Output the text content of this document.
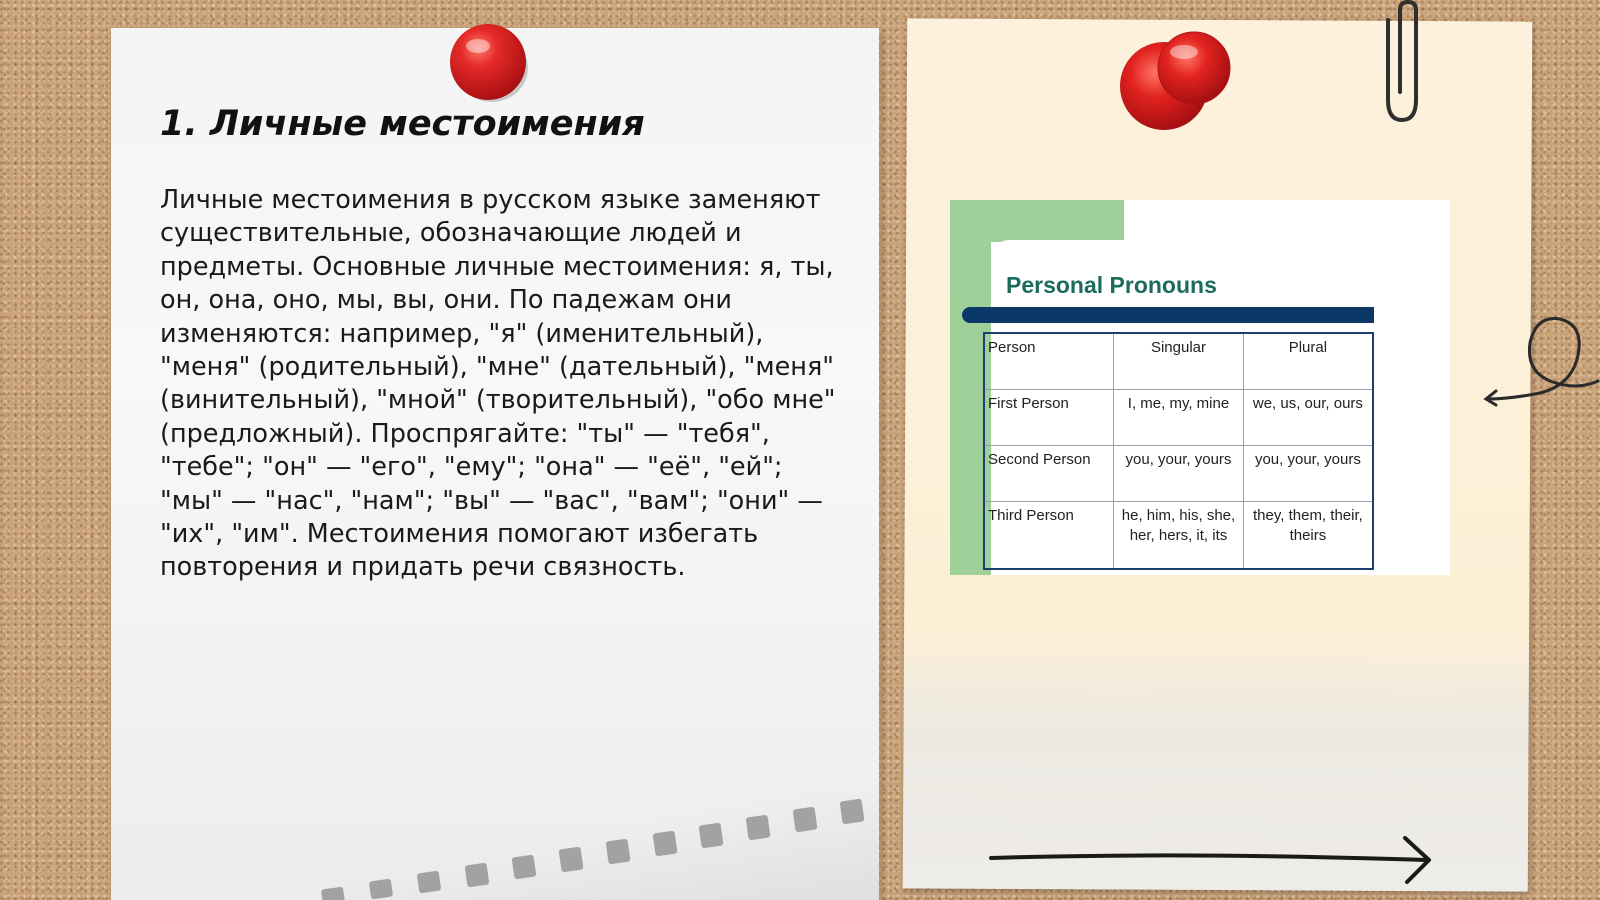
1. Личные местоимения

Личные местоимения в русском языке заменяют существительные, обозначающие людей и предметы. Основные личные местоимения: я, ты, он, она, оно, мы, вы, они. По падежам они изменяются: например, "я" (именительный), "меня" (родительный), "мне" (дательный), "меня" (винительный), "мной" (творительный), "обо мне" (предложный). Проспрягайте: "ты" — "тебя", "тебе"; "он" — "его", "ему"; "она" — "её", "ей"; "мы" — "нас", "нам"; "вы" — "вас", "вам"; "они" — "их", "им". Местоимения помогают избегать повторения и придать речи связность.

Personal Pronouns
Person	Singular	Plural
First Person	I, me, my, mine	we, us, our, ours
Second Person	you, your, yours	you, your, yours
Third Person	he, him, his, she, her, hers, it, its	they, them, their, theirs
